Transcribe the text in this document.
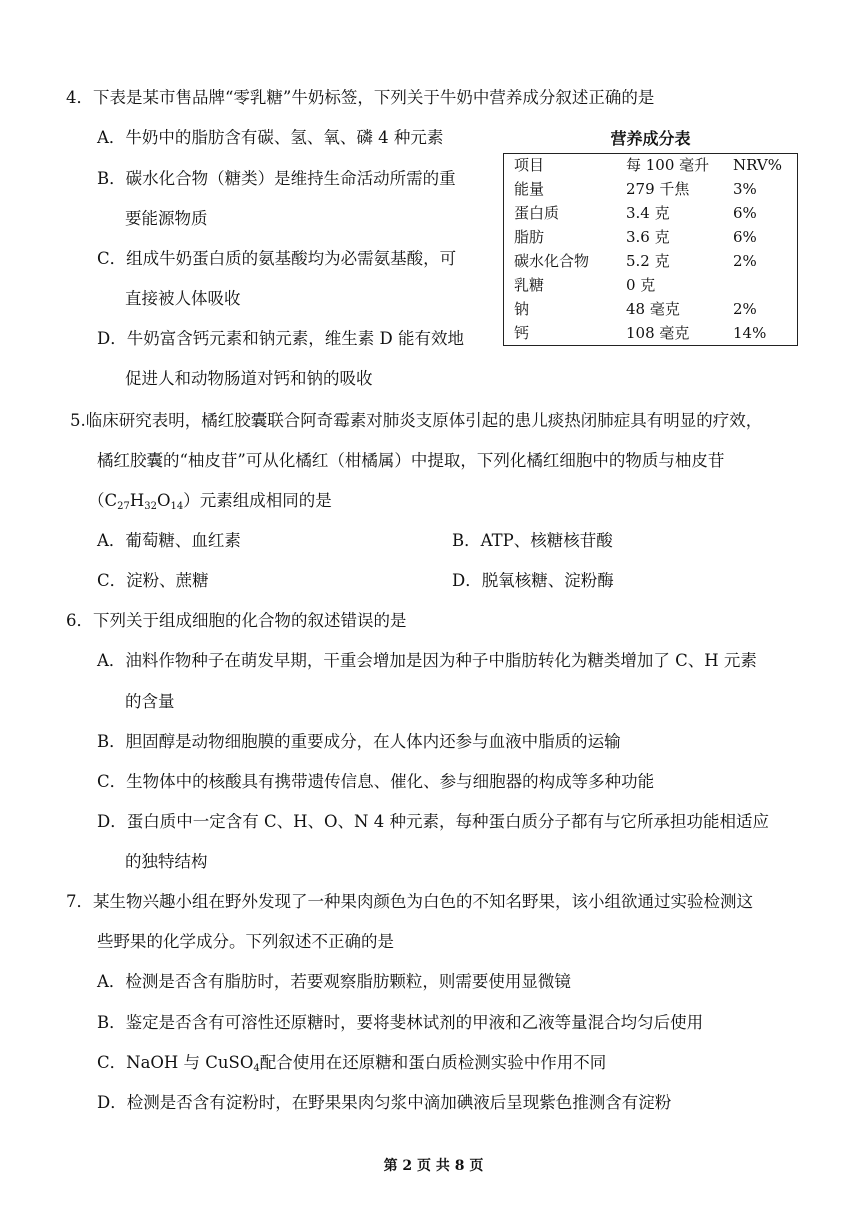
4．下表是某市售品牌“零乳糖”牛奶标签，下列关于牛奶中营养成分叙述正确的是
A．牛奶中的脂肪含有碳、氢、氧、磷 4 种元素
B．碳水化合物（糖类）是维持生命活动所需的重
要能源物质
C．组成牛奶蛋白质的氨基酸均为必需氨基酸，可
直接被人体吸收
D．牛奶富含钙元素和钠元素，维生素 D 能有效地
促进人和动物肠道对钙和钠的吸收
营养成分表
项目	每 100 毫升 NRV%
能量	279 千焦	3%
蛋白质	3.4 克	6%
脂肪	3.6 克	6%
碳水化合物 5.2 克	2%
乳糖	0 克
钠	48 毫克	2%
钙	108 毫克	14%
5.临床研究表明，橘红胶囊联合阿奇霉素对肺炎支原体引起的患儿痰热闭肺症具有明显的疗效，
橘红胶囊的“柚皮苷”可从化橘红（柑橘属）中提取，下列化橘红细胞中的物质与柚皮苷
$(C_{27}H_{32}O_{14})$元素组成相同的是
A．葡萄糖、血红素	B．ATP、核糖核苷酸
C．淀粉、蔗糖	D．脱氧核糖、淀粉酶
6．下列关于组成细胞的化合物的叙述错误的是
A．油料作物种子在萌发早期，干重会增加是因为种子中脂肪转化为糖类增加了 C、H 元素
的含量
B．胆固醇是动物细胞膜的重要成分，在人体内还参与血液中脂质的运输
C．生物体中的核酸具有携带遗传信息、催化、参与细胞器的构成等多种功能
D．蛋白质中一定含有 C、H、O、N 4 种元素，每种蛋白质分子都有与它所承担功能相适应
的独特结构
7．某生物兴趣小组在野外发现了一种果肉颜色为白色的不知名野果，该小组欲通过实验检测这
些野果的化学成分。下列叙述不正确的是
A．检测是否含有脂肪时，若要观察脂肪颗粒，则需要使用显微镜
B．鉴定是否含有可溶性还原糖时，要将斐林试剂的甲液和乙液等量混合均匀后使用
C．NaOH 与 CuSO$_4$配合使用在还原糖和蛋白质检测实验中作用不同
D．检测是否含有淀粉时，在野果果肉匀浆中滴加碘液后呈现紫色推测含有淀粉
第 2 页 共 8 页
